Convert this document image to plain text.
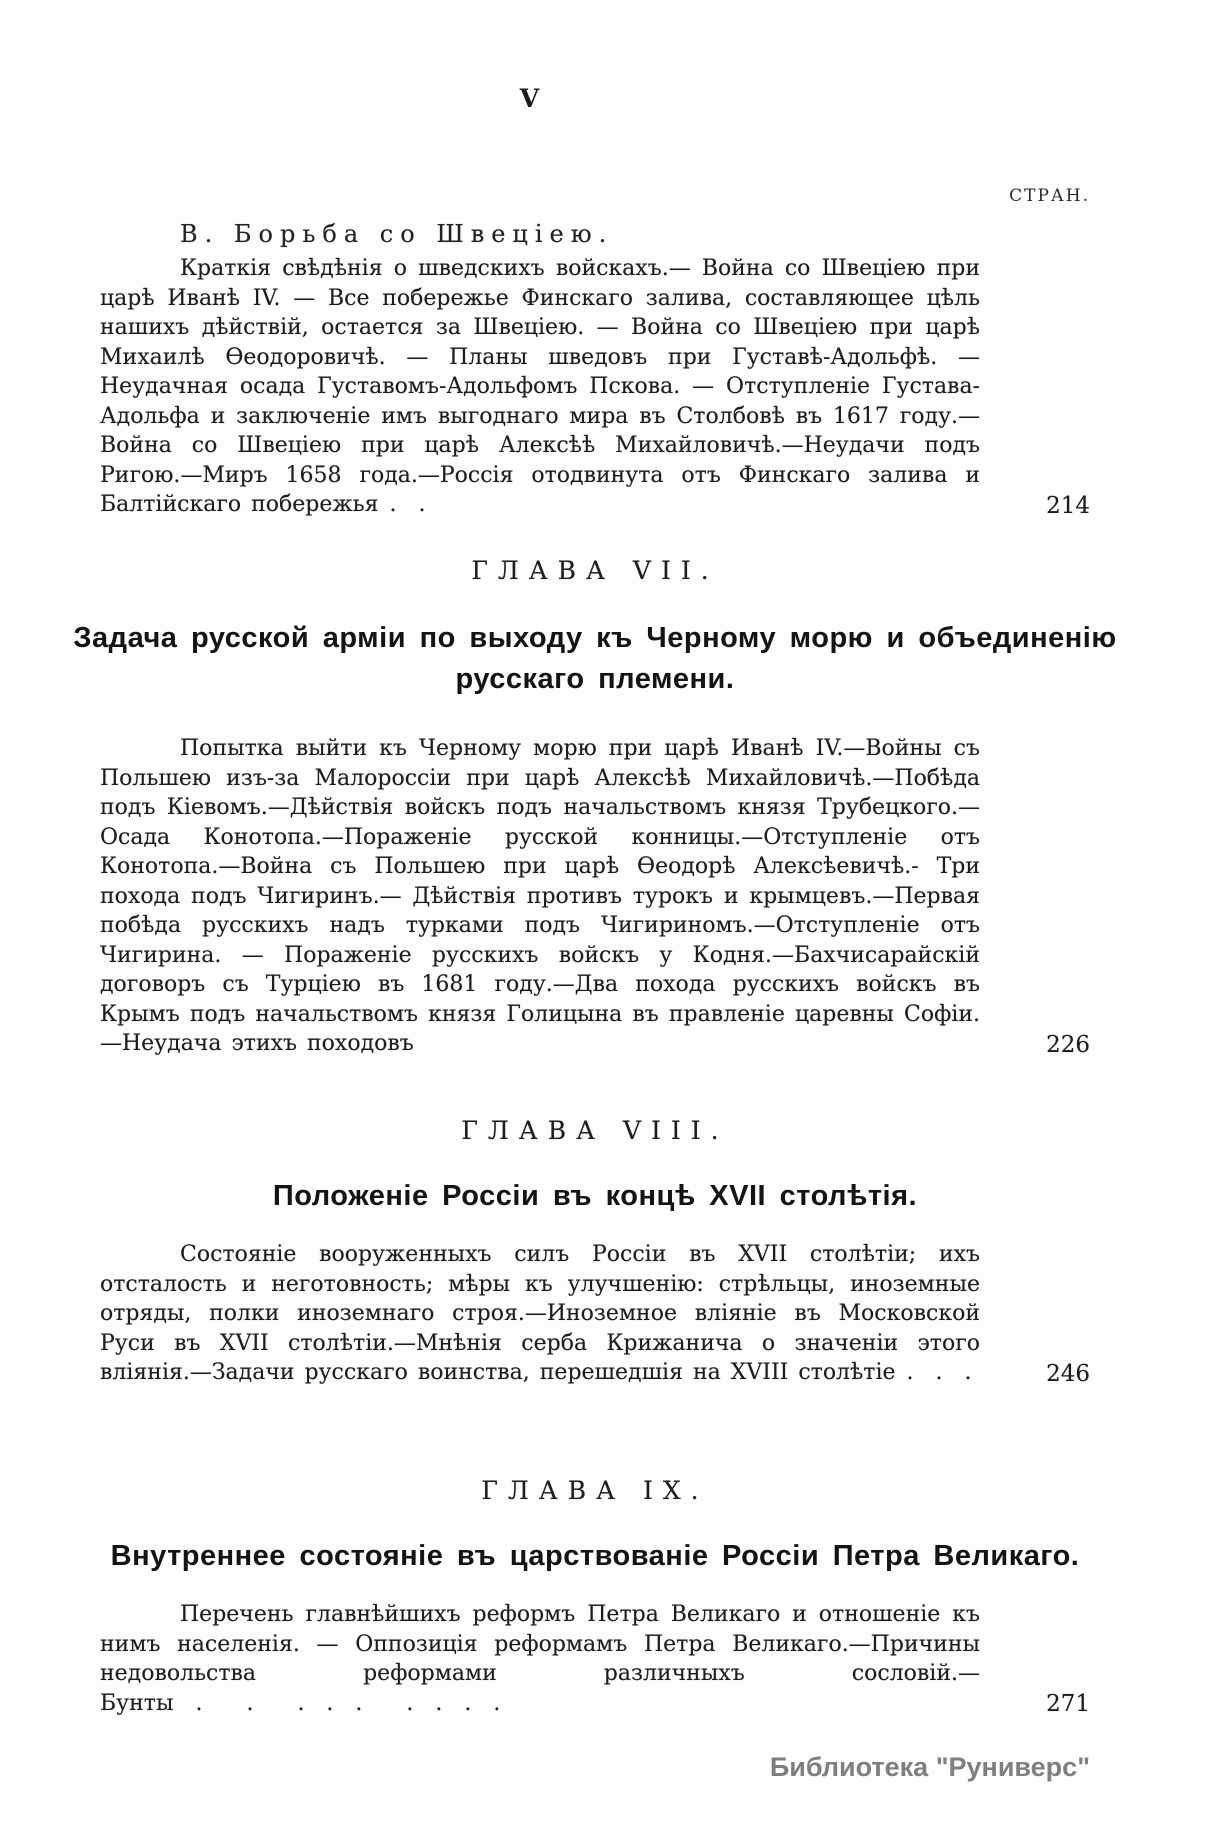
V
СТРАН.
В. Борьба со Швеціею.

Краткія свѣдѣнія о шведскихъ войскахъ.— Война со Швеціею при царѣ Иванѣ IV. — Все побережье Финскаго залива, составляющее цѣль нашихъ дѣйствій, остается за Швеціею. — Война со Швеціею при царѣ Михаилѣ Ѳеодоровичѣ. — Планы шведовъ при Густавѣ-Адольфѣ. — Неудачная осада Густавомъ-Адольфомъ Пскова. — Отступленіе Густава-Адольфа и заключеніе имъ выгоднаго мира въ Столбовѣ въ 1617 году.—Война со Швеціею при царѣ Алексѣѣ Михайловичѣ.—Неудачи подъ Ригою.—Миръ 1658 года.—Россія отодвинута отъ Финскаго залива и Балтійскаго побережья .  .	214
ГЛАВА VII.
Задача русской арміи по выходу къ Черному морю и объединенію русскаго племени.

Попытка выйти къ Черному морю при царѣ Иванѣ IV.—Войны съ Польшею изъ-за Малороссіи при царѣ Алексѣѣ Михайловичѣ.—Побѣда подъ Кіевомъ.—Дѣйствія войскъ подъ начальствомъ князя Трубецкого.— Осада Конотопа.—Пораженіе русской конницы.—Отступленіе отъ Конотопа.—Война съ Польшею при царѣ Ѳеодорѣ Алексѣевичѣ.- Три похода подъ Чигиринъ.— Дѣйствія противъ турокъ и крымцевъ.—Первая побѣда русскихъ надъ турками подъ Чигириномъ.—Отступленіе отъ Чигирина. — Пораженіе русскихъ войскъ у Кодня.—Бахчисарайскій договоръ съ Турціею въ 1681 году.—Два похода русскихъ войскъ въ Крымъ подъ начальствомъ князя Голицына въ правленіе царевны Софіи.—Неудача этихъ походовъ	226
ГЛАВА VIII.
Положеніе Россіи въ концѣ XVII столѣтія.

Состояніе вооруженныхъ силъ Россіи въ XVII столѣтіи; ихъ отсталость и неготовность; мѣры къ улучшенію: стрѣльцы, иноземные отряды, полки иноземнаго строя.—Иноземное вліяніе въ Московской Руси въ XVII столѣтіи.—Мнѣнія серба Крижанича о значеніи этого вліянія.—Задачи русскаго воинства, перешедшія на XVIII столѣтіе .  .  .	246
ГЛАВА IX.
Внутреннее состояніе въ царствованіе Россіи Петра Великаго.

Перечень главнѣйшихъ реформъ Петра Великаго и отношеніе къ нимъ населенія. — Оппозиція реформамъ Петра Великаго.—Причины недовольства реформами различныхъ сословій.—Бунты .  .  . . .  . . . .	271
Библиотека "Руниверс"
